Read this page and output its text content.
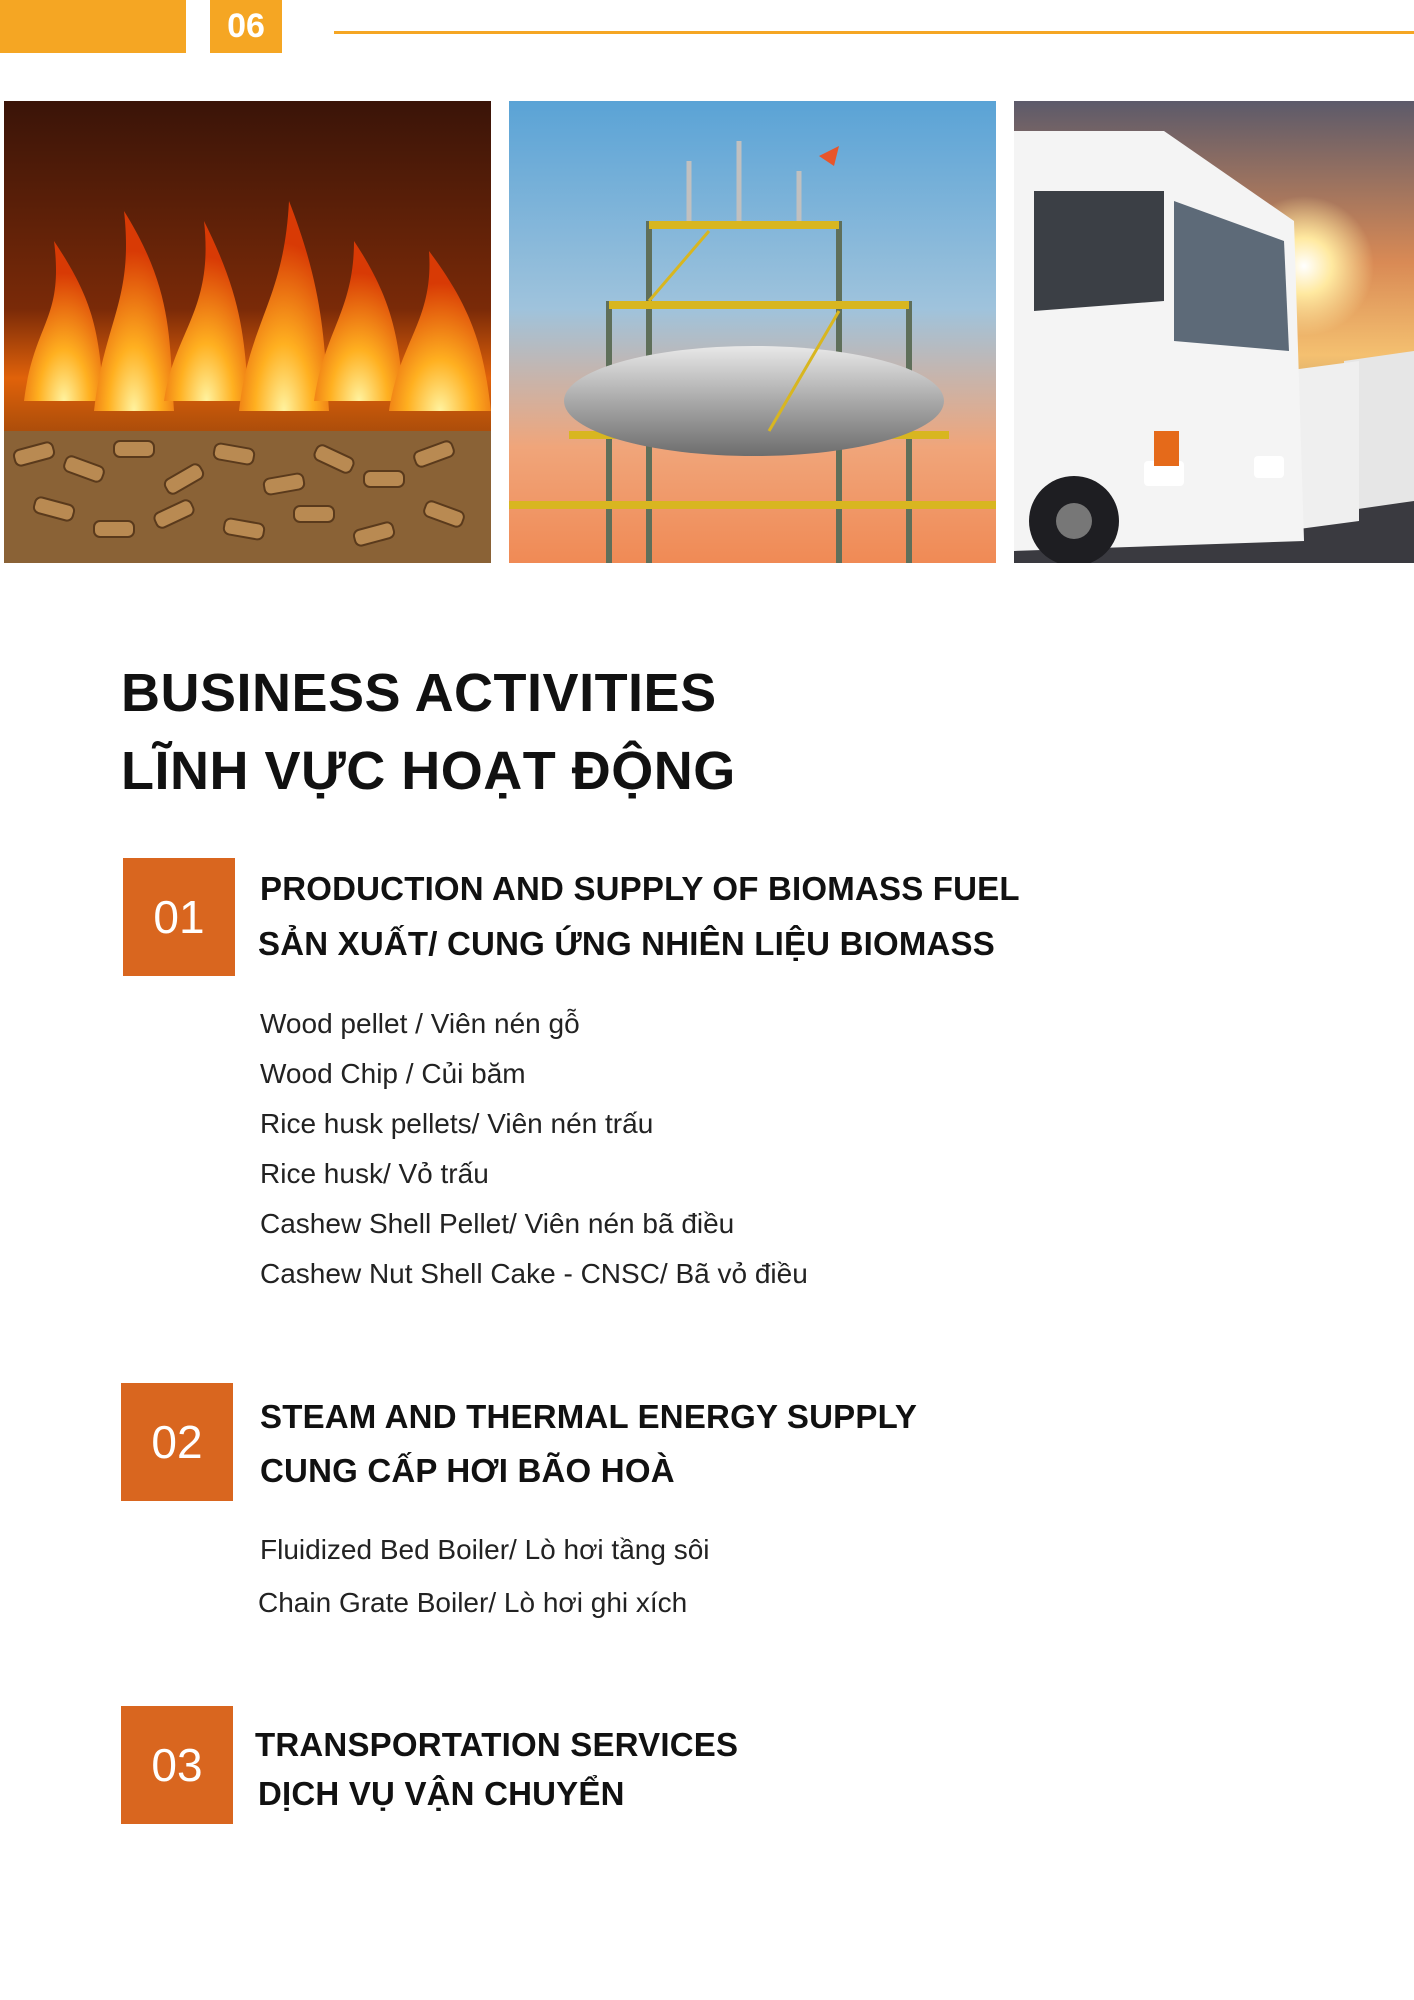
06
BUSINESS ACTIVITIES
LĨNH VỰC HOẠT ĐỘNG
01
PRODUCTION AND SUPPLY OF BIOMASS FUEL
SẢN XUẤT/ CUNG ỨNG NHIÊN LIỆU BIOMASS
Wood pellet / Viên nén gỗ
Wood Chip / Củi băm
Rice husk pellets/ Viên nén trấu
Rice husk/ Vỏ trấu
Cashew Shell Pellet/ Viên nén bã điều
Cashew Nut Shell Cake - CNSC/ Bã vỏ điều
02	STEAM AND THERMAL ENERGY SUPPLY
CUNG CẤP HƠI BÃO HOÀ
Fluidized Bed Boiler/ Lò hơi tầng sôi
Chain Grate Boiler/ Lò hơi ghi xích
03	TRANSPORTATION SERVICES
DỊCH VỤ VẬN CHUYỂN
